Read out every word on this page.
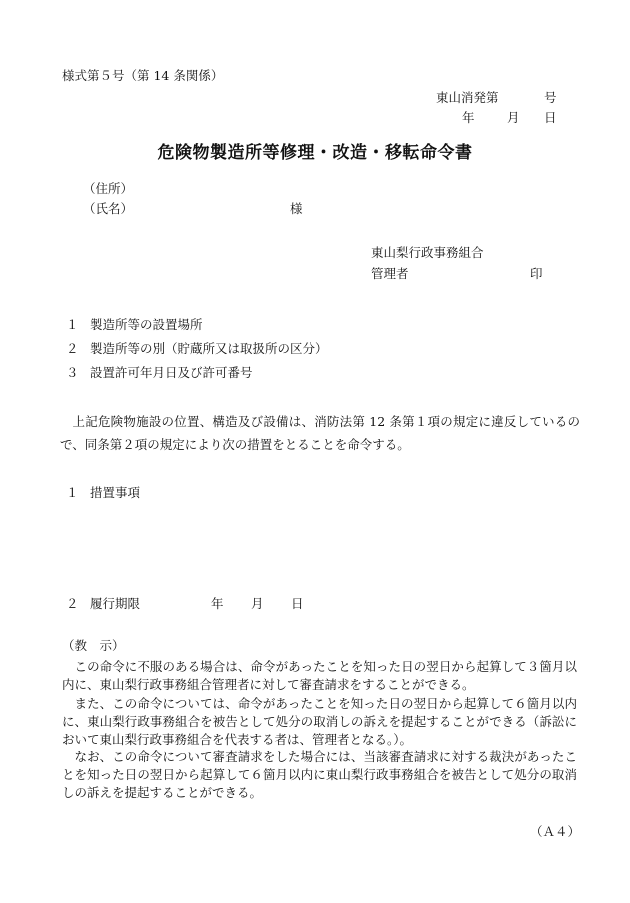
様式第５号（第 14 条関係）
東山消発第	号
年	月 日
危険物製造所等修理・改造・移転命令書
（住所）
（氏名）	様
東山梨行政事務組合
管理者	印
１ 製造所等の設置場所
２ 製造所等の別（貯蔵所又は取扱所の区分）
３ 設置許可年月日及び許可番号
上記危険物施設の位置、構造及び設備は、消防法第 12 条第１項の規定に違反しているので、同条第２項の規定により次の措置をとることを命令する。
１ 措置事項
２ 履行期限	年 月 日
（教　示）

この命令に不服のある場合は、命令があったことを知った日の翌日から起算して３箇月以内に、東山梨行政事務組合管理者に対して審査請求をすることができる。

また、この命令については、命令があったことを知った日の翌日から起算して６箇月以内に、東山梨行政事務組合を被告として処分の取消しの訴えを提起することができる（訴訟において東山梨行政事務組合を代表する者は、管理者となる。）。

なお、この命令について審査請求をした場合には、当該審査請求に対する裁決があったことを知った日の翌日から起算して６箇月以内に東山梨行政事務組合を被告として処分の取消しの訴えを提起することができる。

（Ａ４）
